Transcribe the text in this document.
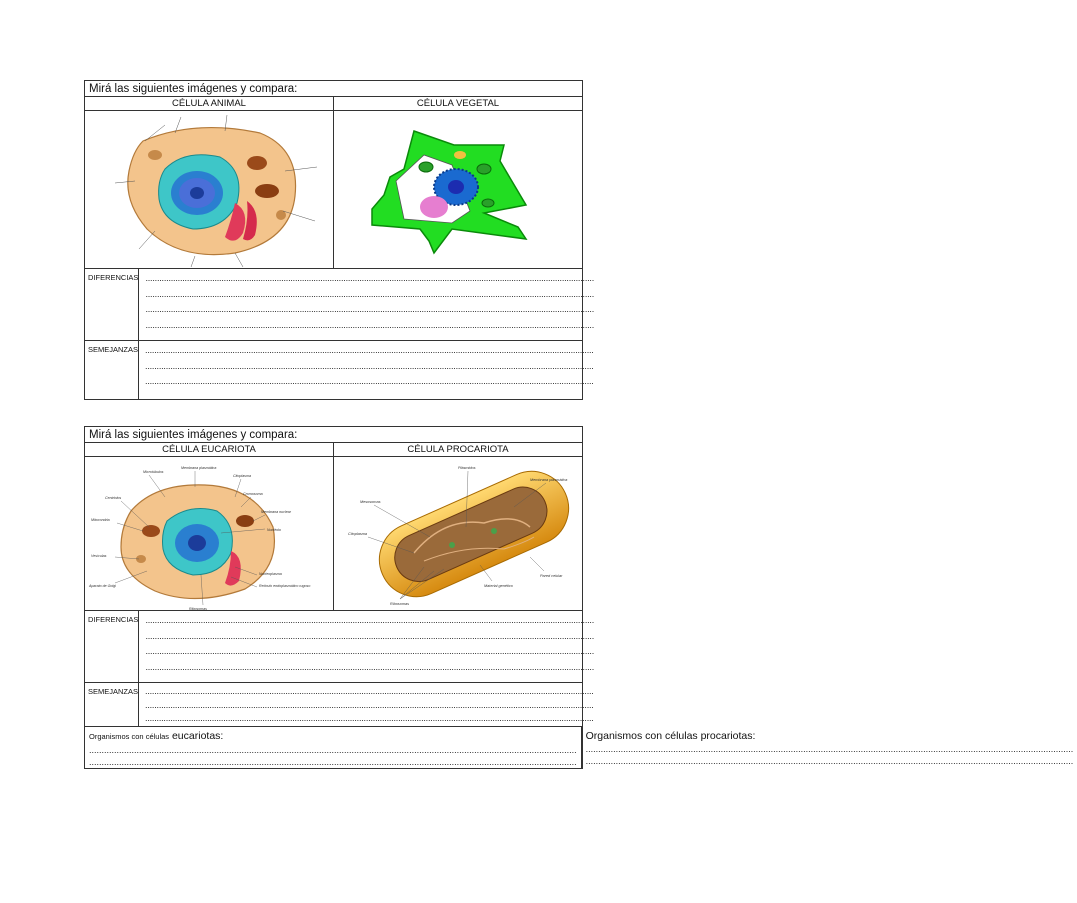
Mirá las siguientes imágenes y compara:
CÉLULA ANIMAL	CÉLULA VEGETAL
DIFERENCIAS ...................................................................................................................................................................................................
...................................................................................................................................................................................................
...................................................................................................................................................................................................
...................................................................................................................................................................................................
SEMEJANZAS ...................................................................................................................................................................................................
...................................................................................................................................................................................................
...................................................................................................................................................................................................
Mirá las siguientes imágenes y compara:
CÉLULA EUCARIOTA	CÉLULA PROCARIOTA
Microtúbulos
Membrana plasmática
Citoplasma
Cromosoma
Centriolos
Membrana nuclear
Nucléolo
Mitocondria
Vesículas
Aparato de Golgi
Ribosomas
Nucleoplasma
Retículo endoplasmático rugoso
Plásmidos
Mesosomas
Membrana plasmática
Citoplasma
Pared celular
Material genético
Ribosomas
DIFERENCIAS ...................................................................................................................................................................................................
...................................................................................................................................................................................................
...................................................................................................................................................................................................
...................................................................................................................................................................................................
SEMEJANZAS ...................................................................................................................................................................................................
...................................................................................................................................................................................................
...................................................................................................................................................................................................
Organismos con células eucariotas:
...................................................................................................................................................................................................
...................................................................................................................................................................................................
Organismos con células procariotas:
...................................................................................................................................................................................................
...................................................................................................................................................................................................
